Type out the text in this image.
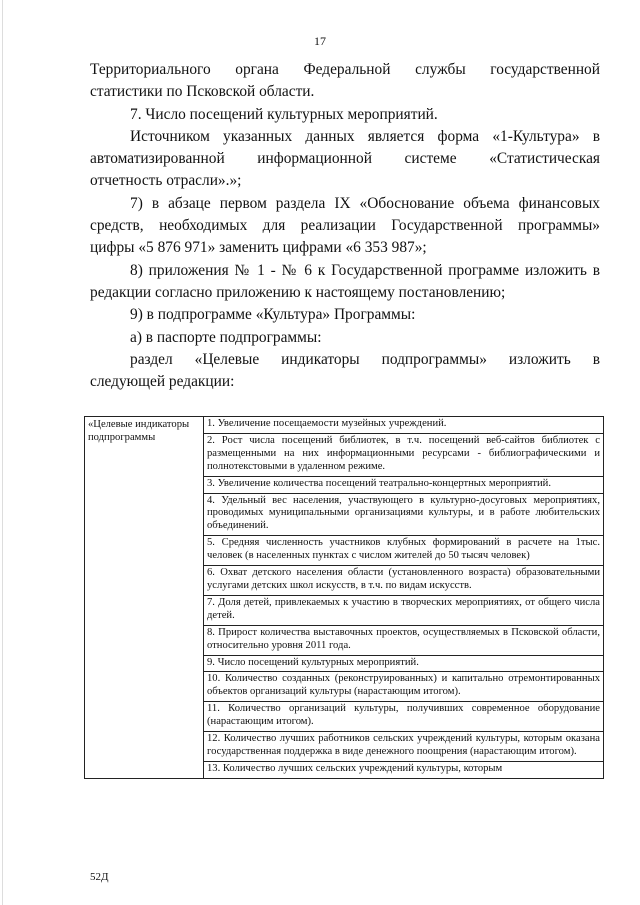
17

Территориального органа Федеральной службы государственной

статистики по Псковской области.

7. Число посещений культурных мероприятий.

Источником указанных данных является форма «1-Культура» в

автоматизированной информационной системе «Статистическая

отчетность отрасли».»;

7) в абзаце первом раздела IX «Обоснование объема финансовых

средств, необходимых для реализации Государственной программы»

цифры «5 876 971» заменить цифрами «6 353 987»;

8) приложения № 1 - № 6 к Государственной программе изложить в

редакции согласно приложению к настоящему постановлению;

9) в подпрограмме «Культура» Программы:

а) в паспорте подпрограммы:

раздел «Целевые индикаторы подпрограммы» изложить в

следующей редакции:

«Целевые индикаторы подпрограммы	
1. Увеличение посещаемости музейных учреждений.
2. Рост числа посещений библиотек, в т.ч. посещений веб-сайтов библиотек с размещенными на них информационными ресурсами - библиографическими и полнотекстовыми в удаленном режиме.
3. Увеличение количества посещений театрально-концертных мероприятий.
4. Удельный вес населения, участвующего в культурно-досуговых мероприятиях, проводимых муниципальными организациями культуры, и в работе любительских объединений.
5. Средняя численность участников клубных формирований в расчете на 1тыс. человек (в населенных пунктах с числом жителей до 50 тысяч человек)
6. Охват детского населения области (установленного возраста) образовательными услугами детских школ искусств, в т.ч. по видам искусств.
7. Доля детей, привлекаемых к участию в творческих мероприятиях, от общего числа детей.
8. Прирост количества выставочных проектов, осуществляемых в Псковской области, относительно уровня 2011 года.
9. Число посещений культурных мероприятий.
10. Количество созданных (реконструированных) и капитально отремонтированных объектов организаций культуры (нарастающим итогом).
11. Количество организаций культуры, получивших современное оборудование (нарастающим итогом).
12. Количество лучших работников сельских учреждений культуры, которым оказана государственная поддержка в виде денежного поощрения (нарастающим итогом).
13. Количество лучших сельских учреждений культуры, которым
52Д
